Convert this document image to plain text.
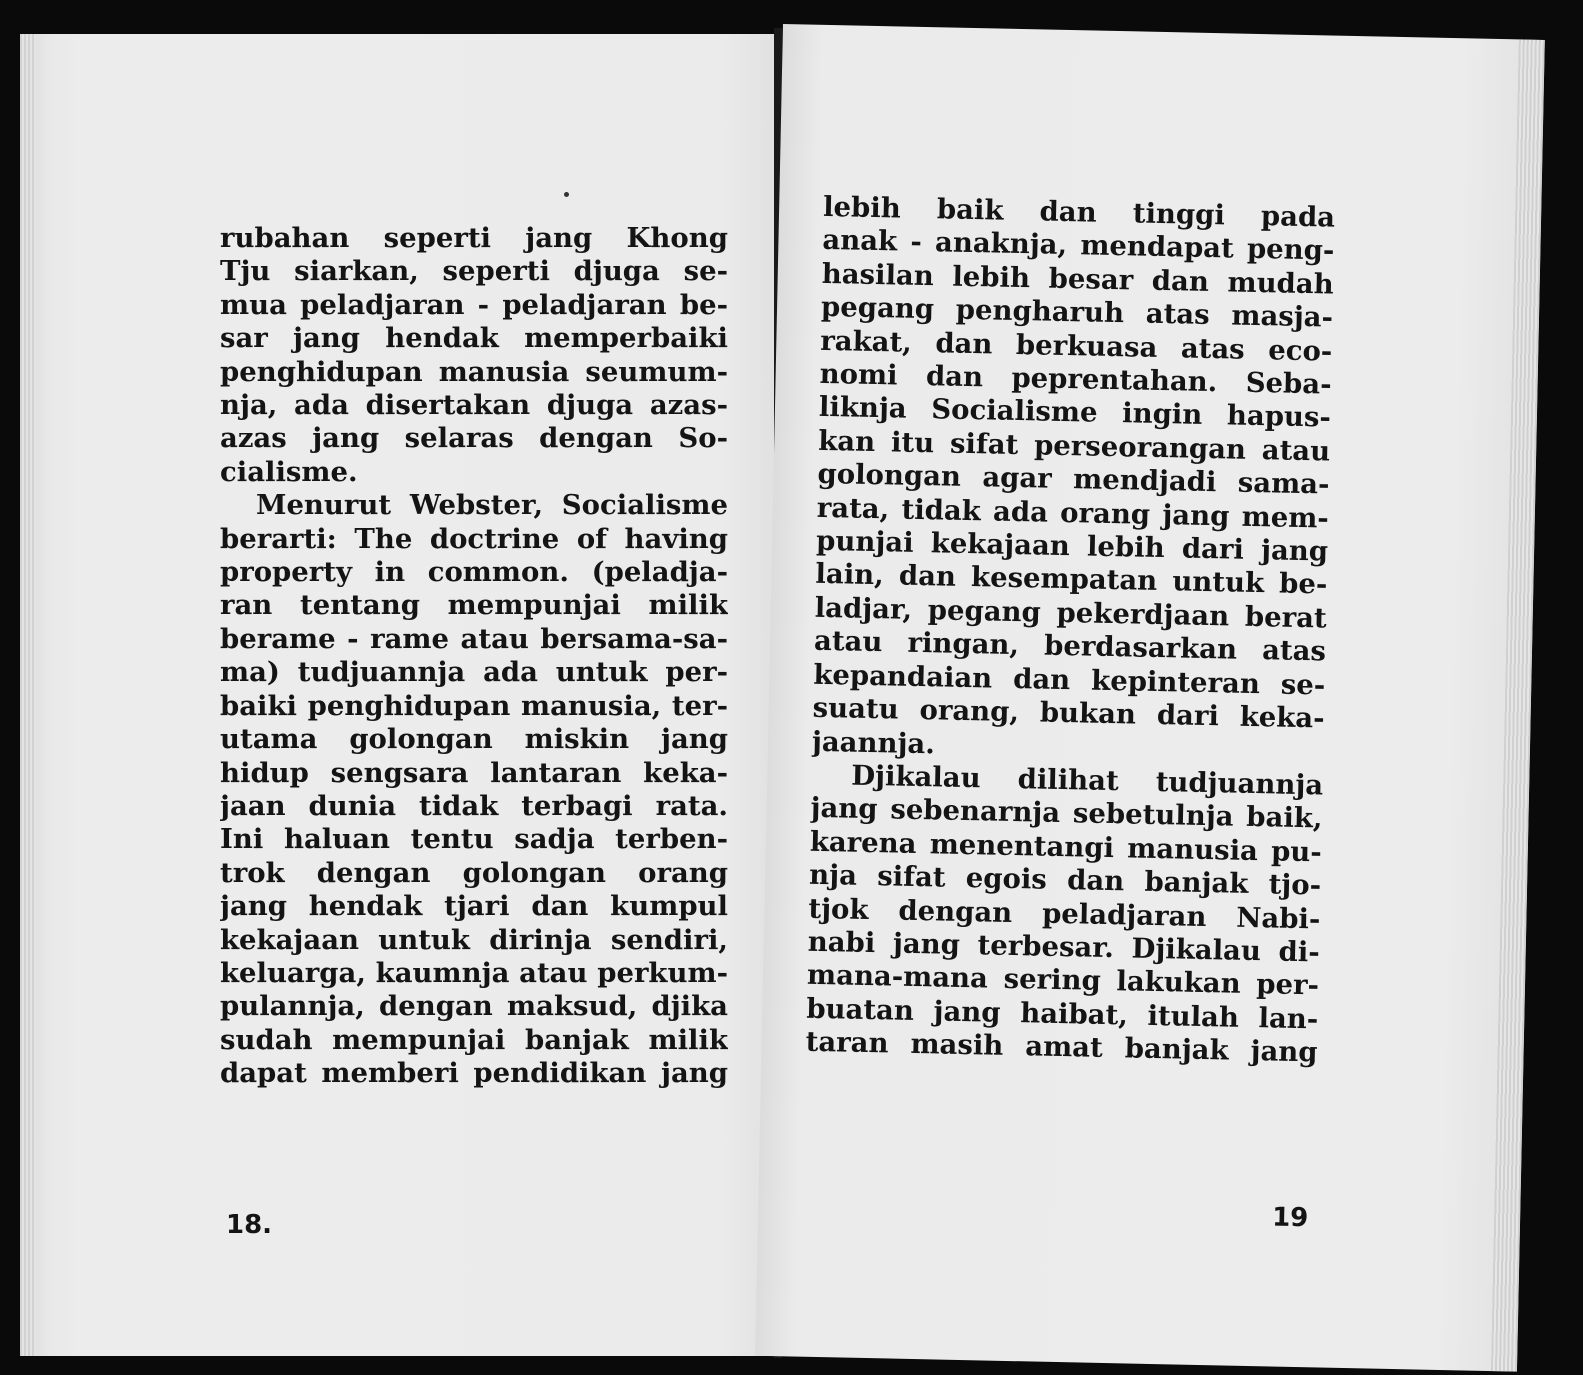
rubahan seperti jang Khong
Tju siarkan, seperti djuga se-
mua peladjaran - peladjaran be-
sar jang hendak memperbaiki
penghidupan manusia seumum-
nja, ada disertakan djuga azas-
azas jang selaras dengan So-
cialisme.
Menurut Webster, Socialisme
berarti: The doctrine of having
property in common. (peladja-
ran tentang mempunjai milik
berame - rame atau bersama-sa-
ma) tudjuannja ada untuk per-
baiki penghidupan manusia, ter-
utama golongan miskin jang
hidup sengsara lantaran keka-
jaan dunia tidak terbagi rata.
Ini haluan tentu sadja terben-
trok dengan golongan orang
jang hendak tjari dan kumpul
kekajaan untuk dirinja sendiri,
keluarga, kaumnja atau perkum-
pulannja, dengan maksud, djika
sudah mempunjai banjak milik
dapat memberi pendidikan jang
18.
lebih baik dan tinggi pada
anak - anaknja, mendapat peng-
hasilan lebih besar dan mudah
pegang pengharuh atas masja-
rakat, dan berkuasa atas eco-
nomi dan peprentahan. Seba-
liknja Socialisme ingin hapus-
kan itu sifat perseorangan atau
golongan agar mendjadi sama-
rata, tidak ada orang jang mem-
punjai kekajaan lebih dari jang
lain, dan kesempatan untuk be-
ladjar, pegang pekerdjaan berat
atau ringan, berdasarkan atas
kepandaian dan kepinteran se-
suatu orang, bukan dari keka-
jaannja.
Djikalau dilihat tudjuannja
jang sebenarnja sebetulnja baik,
karena menentangi manusia pu-
nja sifat egois dan banjak tjo-
tjok dengan peladjaran Nabi-
nabi jang terbesar. Djikalau di-
mana-mana sering lakukan per-
buatan jang haibat, itulah lan-
taran masih amat banjak jang
19
